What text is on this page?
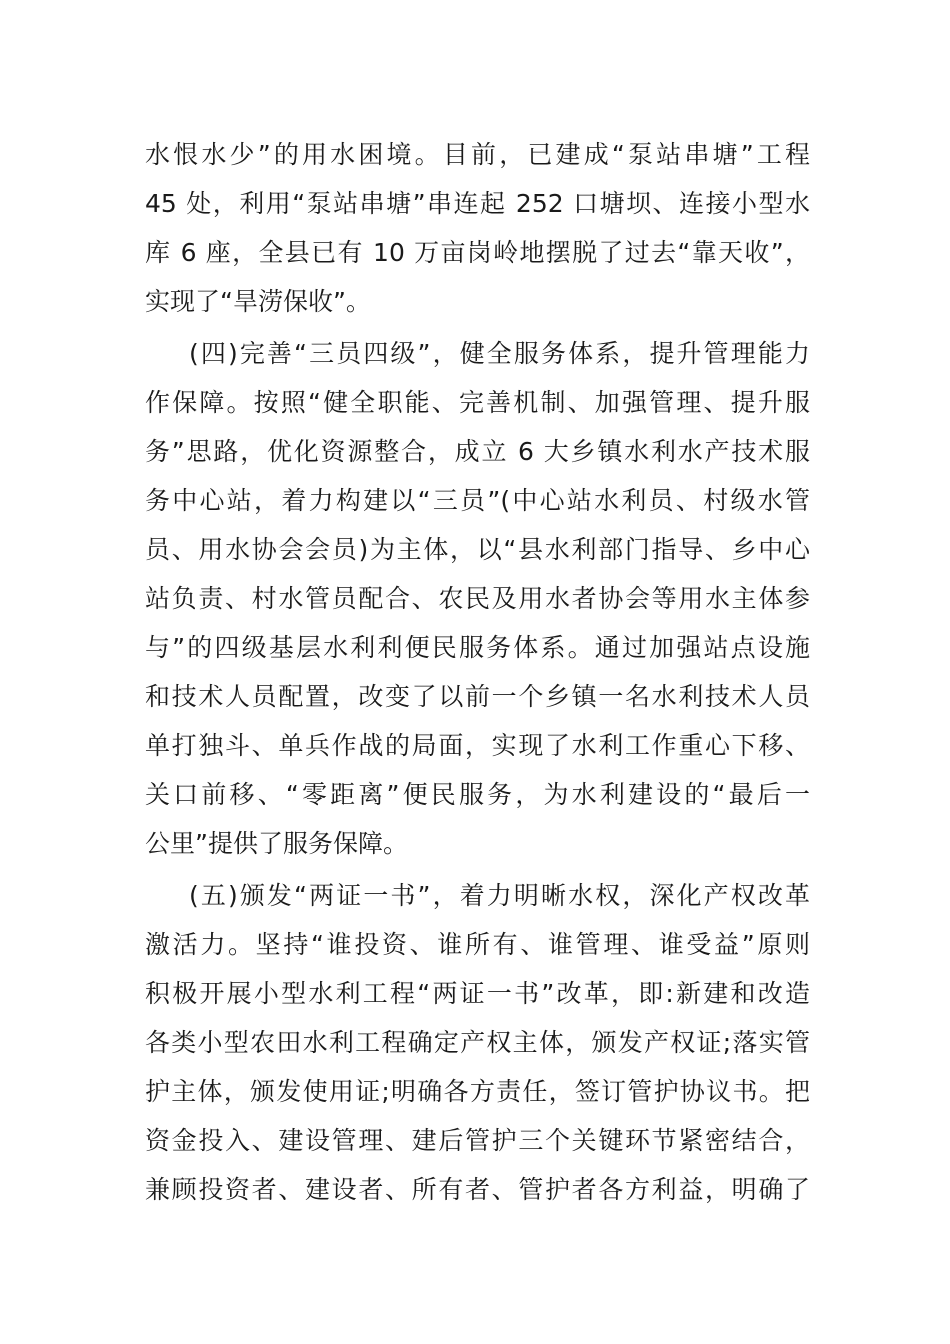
水恨水少”的用水困境。目前，已建成“泵站串塘”工程
45 处，利用“泵站串塘”串连起 252 口塘坝、连接小型水
库 6 座，全县已有 10 万亩岗岭地摆脱了过去“靠天收”，
实现了“旱涝保收”。
(四)完善“三员四级”，健全服务体系，提升管理能力
作保障。按照“健全职能、完善机制、加强管理、提升服
务”思路，优化资源整合，成立 6 大乡镇水利水产技术服
务中心站，着力构建以“三员”(中心站水利员、村级水管
员、用水协会会员)为主体，以“县水利部门指导、乡中心
站负责、村水管员配合、农民及用水者协会等用水主体参
与”的四级基层水利利便民服务体系。通过加强站点设施
和技术人员配置，改变了以前一个乡镇一名水利技术人员
单打独斗、单兵作战的局面，实现了水利工作重心下移、
关口前移、“零距离”便民服务，为水利建设的“最后一
公里”提供了服务保障。
(五)颁发“两证一书”，着力明晰水权，深化产权改革
激活力。坚持“谁投资、谁所有、谁管理、谁受益”原则
积极开展小型水利工程“两证一书”改革，即:新建和改造
各类小型农田水利工程确定产权主体，颁发产权证;落实管
护主体，颁发使用证;明确各方责任，签订管护协议书。把
资金投入、建设管理、建后管护三个关键环节紧密结合，
兼顾投资者、建设者、所有者、管护者各方利益，明确了
